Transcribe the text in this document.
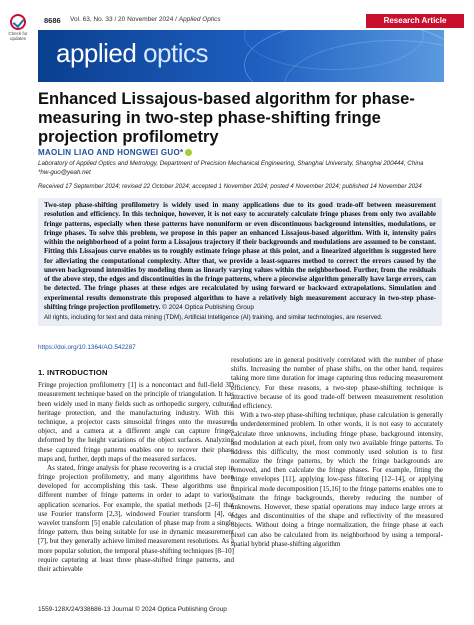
Check for updates
8686 Vol. 63, No. 33 / 20 November 2024 / Applied Optics	Research Article
applied optics
Enhanced Lissajous-based algorithm for phase-measuring in two-step phase-shifting fringe projection profilometry
MAOLIN LIAO AND HONGWEI GUO*
Laboratory of Applied Optics and Metrology, Department of Precision Mechanical Engineering, Shanghai University, Shanghai 200444, China
*hw-guo@yeah.net
Received 17 September 2024; revised 22 October 2024; accepted 1 November 2024; posted 4 November 2024; published 14 November 2024
Two-step phase-shifting profilometry is widely used in many applications due to its good trade-off between measurement resolution and efficiency. In this technique, however, it is not easy to accurately calculate fringe phases from only two available fringe patterns, especially when these patterns have nonuniform or even discontinuous background intensities, modulations, or fringe phases. To solve this problem, we propose in this paper an enhanced Lissajous-based algorithm. With it, intensity pairs within the neighborhood of a point form a Lissajous trajectory if their backgrounds and modulations are assumed to be constant. Fitting this Lissajous curve enables us to roughly estimate fringe phase at this point, and a linearized algorithm is suggested here for alleviating the computational complexity. After that, we provide a least-squares method to correct the errors caused by the uneven background intensities by modeling them as linearly varying values within the neighborhood. Further, from the residuals of the above step, the edges and discontinuities in the fringe patterns, where a piecewise algorithm generally have large errors, can be detected. The fringe phases at these edges are recalculated by using forward or backward extrapolations. Simulation and experimental results demonstrate this proposed algorithm to have a relatively high measurement accuracy in two-step phase-shifting fringe projection profilometry. © 2024 Optica Publishing Group
All rights, including for text and data mining (TDM), Artificial Intelligence (AI) training, and similar technologies, are reserved.
https://doi.org/10.1364/AO.542287
1. INTRODUCTION

Fringe projection profilometry [1] is a noncontact and full-field 3D measurement technique based on the principle of triangulation. It has been widely used in many fields such as orthopedic surgery, cultural heritage protection, and the manufacturing industry. With this technique, a projector casts sinusoidal fringes onto the measured object, and a camera at a different angle can capture fringes deformed by the height variations of the object surfaces. Analyzing these captured fringe patterns enables one to recover their phase maps and, further, depth maps of the measured surfaces.

As stated, fringe analysis for phase recovering is a crucial step in fringe projection profilometry, and many algorithms have been developed for accomplishing this task. These algorithms use a different number of fringe patterns in order to adapt to various application scenarios. For example, the spatial methods [2–6] that use Fourier transform [2,3], windowed Fourier transform [4], or wavelet transform [5] enable calculation of phase map from a single fringe pattern, thus being suitable for use in dynamic measurement [7], but they generally achieve limited measurement resolutions. As a more popular solution, the temporal phase-shifting techniques [8–10] require capturing at least three phase-shifted fringe patterns, and their achievable

resolutions are in general positively correlated with the number of phase shifts. Increasing the number of phase shifts, on the other hand, requires taking more time duration for image capturing thus reducing measurement efficiency. For these reasons, a two-step phase-shifting technique is attractive because of its good trade-off between measurement resolution and efficiency.

With a two-step phase-shifting technique, phase calculation is generally an underdetermined problem. In other words, it is not easy to accurately calculate three unknowns, including fringe phase, background intensity, and modulation at each pixel, from only two available fringe patterns. To address this difficulty, the most commonly used solution is to first normalize the fringe patterns, by which the fringe backgrounds are removed, and then calculate the fringe phases. For example, fitting the fringe envelopes [11], applying low-pass filtering [12–14], or applying empirical mode decomposition [15,16] to the fringe patterns enables one to estimate the fringe backgrounds, thereby reducing the number of unknowns. However, these spatial operations may induce large errors at edges and discontinuities of the shape and reflectivity of the measured objects. Without doing a fringe normalization, the fringe phase at each pixel can also be calculated from its neighborhood by using a temporal-spatial hybrid phase-shifting algorithm

1559-128X/24/338686-13 Journal © 2024 Optica Publishing Group
